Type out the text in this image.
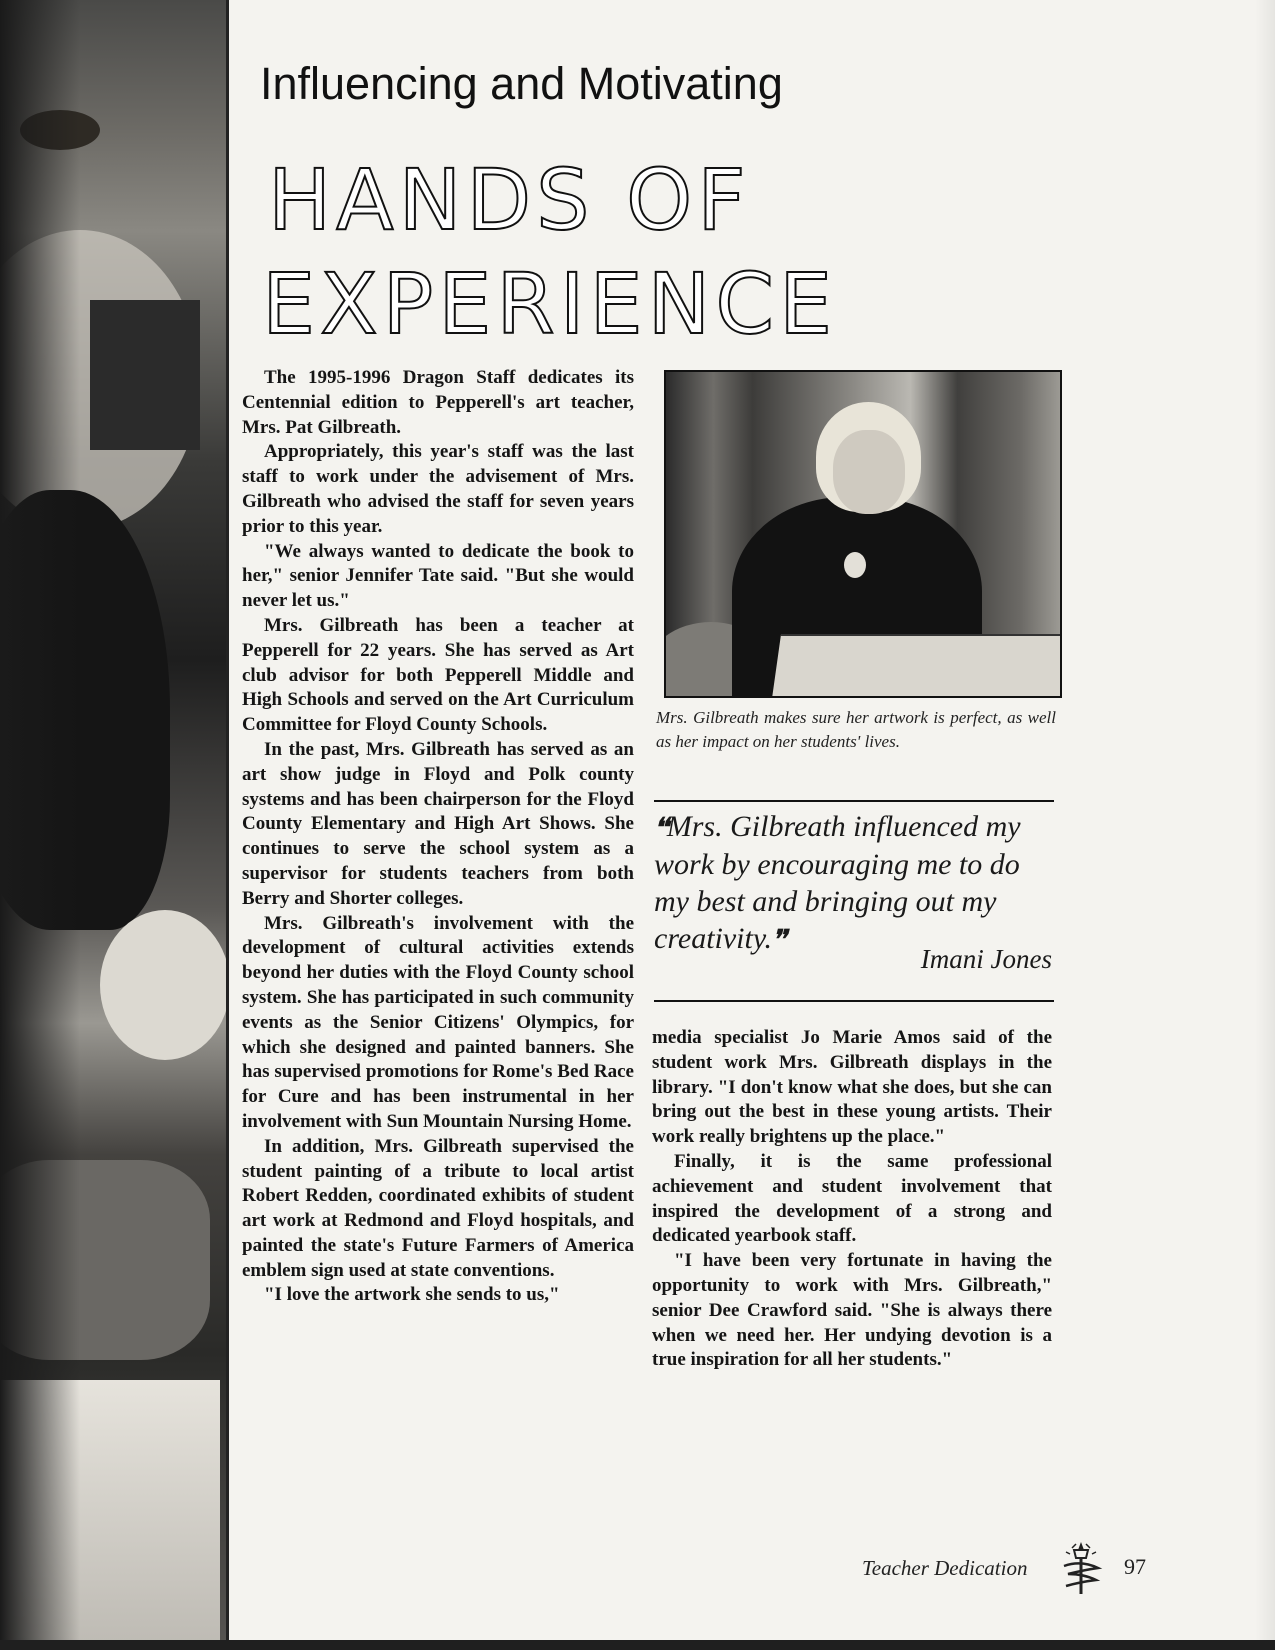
Influencing and Motivating
HANDS OF
EXPERIENCE

The 1995-1996 Dragon Staff dedicates its Centennial edition to Pepperell's art teacher, Mrs. Pat Gilbreath.

Appropriately, this year's staff was the last staff to work under the advisement of Mrs. Gilbreath who advised the staff for seven years prior to this year.

"We always wanted to dedicate the book to her," senior Jennifer Tate said. "But she would never let us."

Mrs. Gilbreath has been a teacher at Pepperell for 22 years. She has served as Art club advisor for both Pepperell Middle and High Schools and served on the Art Curriculum Committee for Floyd County Schools.

In the past, Mrs. Gilbreath has served as an art show judge in Floyd and Polk county systems and has been chairperson for the Floyd County Elementary and High Art Shows. She continues to serve the school system as a supervisor for students teachers from both Berry and Shorter colleges.

Mrs. Gilbreath's involvement with the development of cultural activities extends beyond her duties with the Floyd County school system. She has participated in such community events as the Senior Citizens' Olympics, for which she designed and painted banners. She has supervised promotions for Rome's Bed Race for Cure and has been instrumental in her involvement with Sun Mountain Nursing Home.

In addition, Mrs. Gilbreath supervised the student painting of a tribute to local artist Robert Redden, coordinated exhibits of student art work at Redmond and Floyd hospitals, and painted the state's Future Farmers of America emblem sign used at state conventions.

"I love the artwork she sends to us,"

Mrs. Gilbreath makes sure her artwork is perfect, as well as her impact on her students' lives.

❛❛Mrs. Gilbreath influenced my work by encouraging me to do my best and bringing out my creativity.❜❜

Imani Jones

media specialist Jo Marie Amos said of the student work Mrs. Gilbreath displays in the library. "I don't know what she does, but she can bring out the best in these young artists. Their work really brightens up the place."

Finally, it is the same professional achievement and student involvement that inspired the development of a strong and dedicated yearbook staff.

"I have been very fortunate in having the opportunity to work with Mrs. Gilbreath," senior Dee Crawford said. "She is always there when we need her. Her undying devotion is a true inspiration for all her students."

Teacher Dedication	97
